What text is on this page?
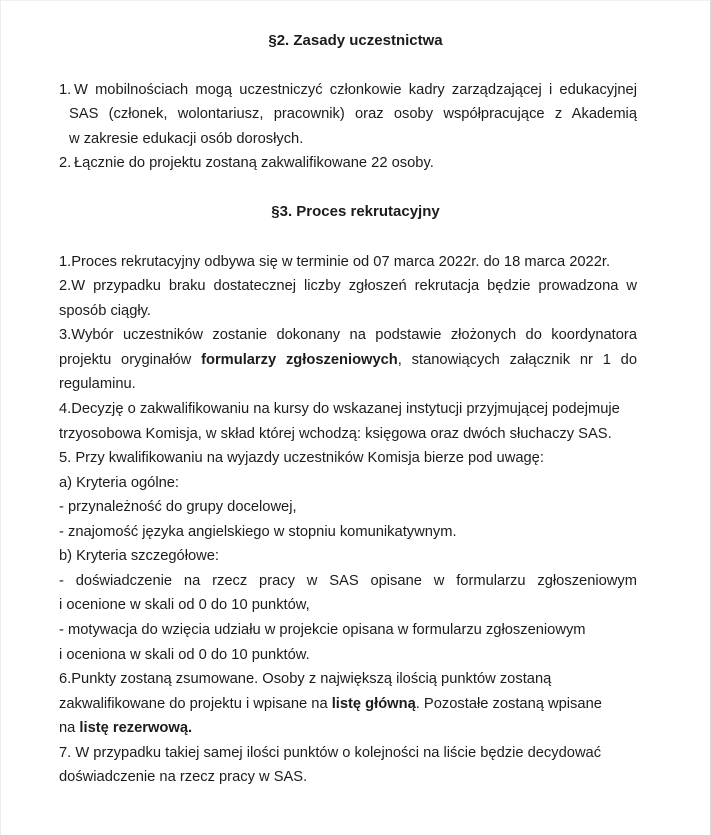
§2. Zasady uczestnictwa
1. W mobilnościach mogą uczestniczyć członkowie kadry zarządzającej i edukacyjnej
SAS (członek, wolontariusz, pracownik) oraz osoby współpracujące z Akademią
w zakresie edukacji osób dorosłych.
2. Łącznie do projektu zostaną zakwalifikowane 22 osoby.
§3. Proces rekrutacyjny
1.Proces rekrutacyjny odbywa się w terminie od 07 marca 2022r. do 18 marca 2022r.
2.W przypadku braku dostatecznej liczby zgłoszeń rekrutacja będzie prowadzona w
sposób ciągły.
3.Wybór uczestników zostanie dokonany na podstawie złożonych do koordynatora
projektu oryginałów formularzy zgłoszeniowych, stanowiących załącznik nr 1 do
regulaminu.
4.Decyzję o zakwalifikowaniu na kursy do wskazanej instytucji przyjmującej podejmuje
trzyosobowa Komisja, w skład której wchodzą: księgowa oraz dwóch słuchaczy SAS.
5. Przy kwalifikowaniu na wyjazdy uczestników Komisja bierze pod uwagę:
a) Kryteria ogólne:
- przynależność do grupy docelowej,
- znajomość języka angielskiego w stopniu komunikatywnym.
b) Kryteria szczegółowe:
- doświadczenie na rzecz pracy w SAS opisane w formularzu zgłoszeniowym
i ocenione w skali od 0 do 10 punktów,
- motywacja do wzięcia udziału w projekcie opisana w formularzu zgłoszeniowym
i oceniona w skali od 0 do 10 punktów.
6.Punkty zostaną zsumowane. Osoby z największą ilością punktów zostaną
zakwalifikowane do projektu i wpisane na listę główną. Pozostałe zostaną wpisane
na listę rezerwową.
7. W przypadku takiej samej ilości punktów o kolejności na liście będzie decydować
doświadczenie na rzecz pracy w SAS.
